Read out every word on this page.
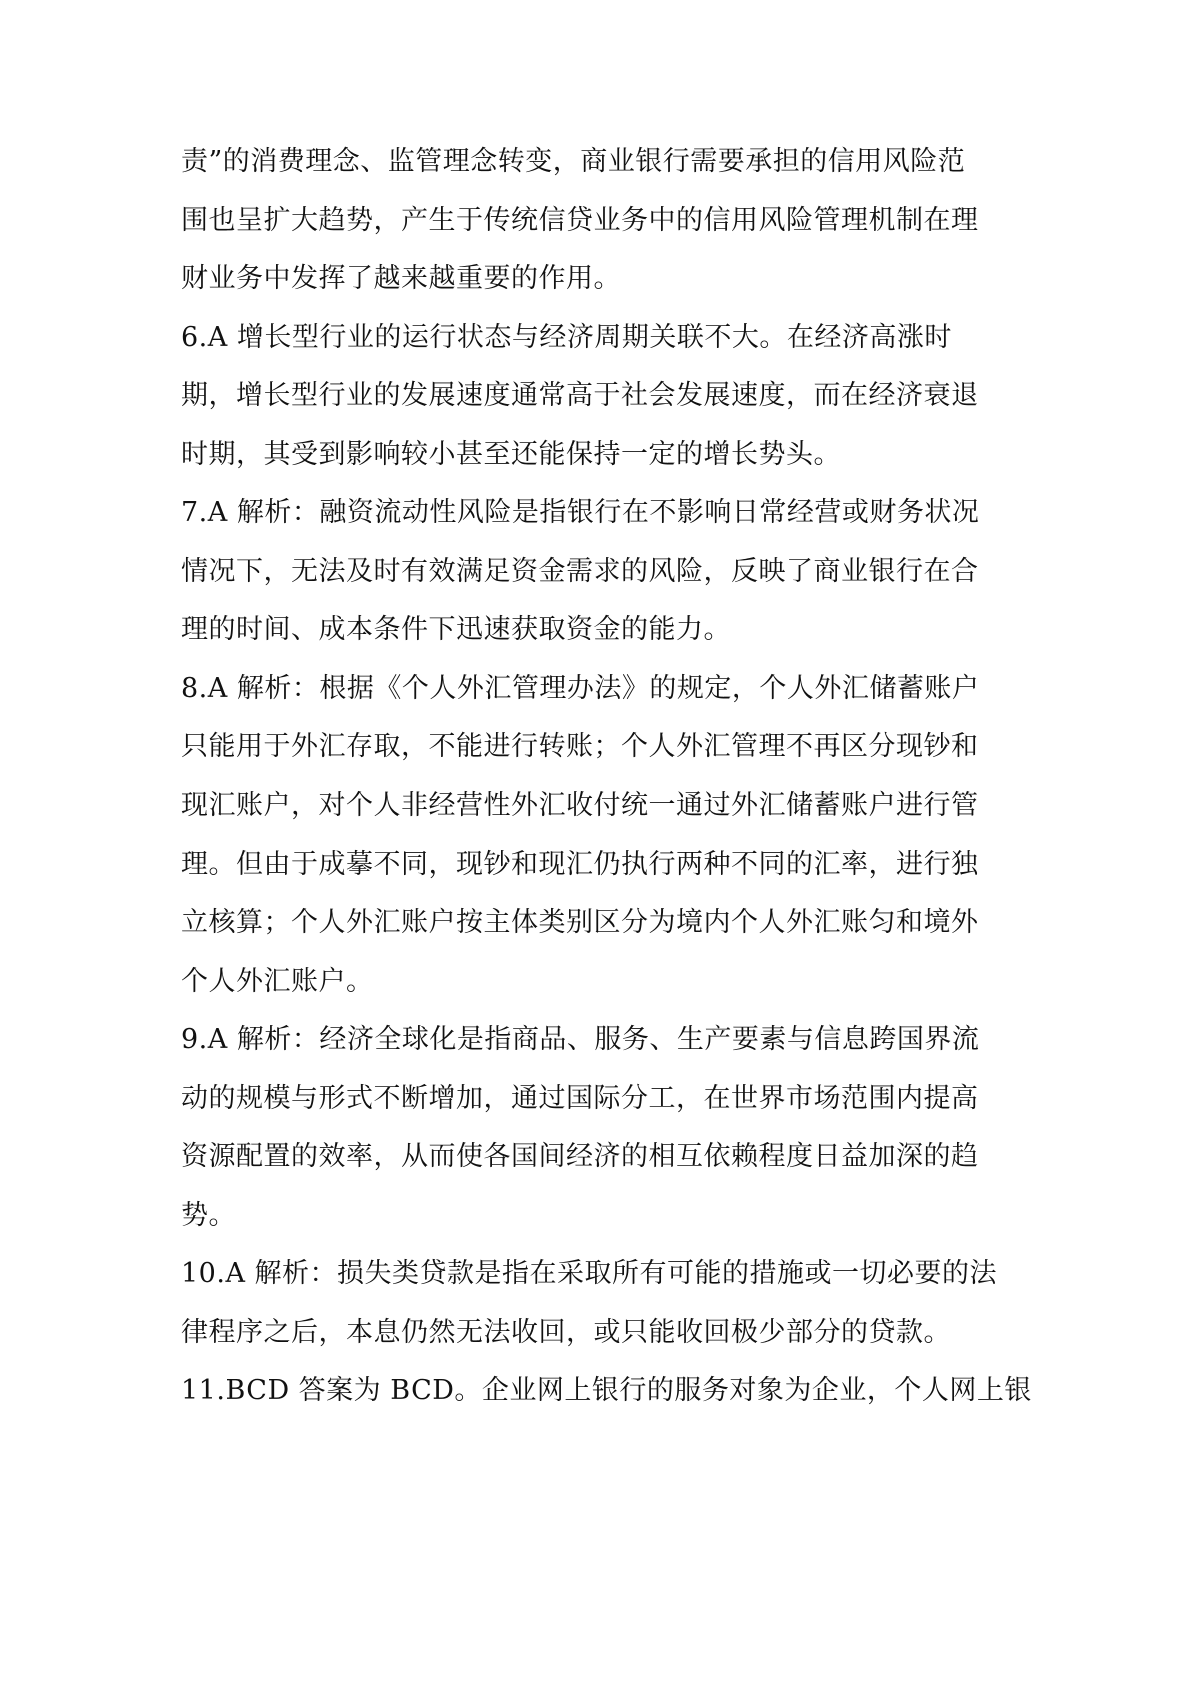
责”的消费理念、监管理念转变，商业银行需要承担的信用风险范
围也呈扩大趋势，产生于传统信贷业务中的信用风险管理机制在理
财业务中发挥了越来越重要的作用。
6.A 增长型行业的运行状态与经济周期关联不大。在经济高涨时
期，增长型行业的发展速度通常高于社会发展速度，而在经济衰退
时期，其受到影响较小甚至还能保持一定的增长势头。
7.A 解析：融资流动性风险是指银行在不影响日常经营或财务状况
情况下，无法及时有效满足资金需求的风险，反映了商业银行在合
理的时间、成本条件下迅速获取资金的能力。
8.A 解析：根据《个人外汇管理办法》的规定，个人外汇储蓄账户
只能用于外汇存取，不能进行转账；个人外汇管理不再区分现钞和
现汇账户，对个人非经营性外汇收付统一通过外汇储蓄账户进行管
理。但由于成摹不同，现钞和现汇仍执行两种不同的汇率，进行独
立核算；个人外汇账户按主体类别区分为境内个人外汇账匀和境外
个人外汇账户。
9.A 解析：经济全球化是指商品、服务、生产要素与信息跨国界流
动的规模与形式不断增加，通过国际分工，在世界市场范围内提高
资源配置的效率，从而使各国间经济的相互依赖程度日益加深的趋
势。
10.A 解析：损失类贷款是指在采取所有可能的措施或一切必要的法
律程序之后，本息仍然无法收回，或只能收回极少部分的贷款。
11.BCD 答案为 BCD。企业网上银行的服务对象为企业，个人网上银
